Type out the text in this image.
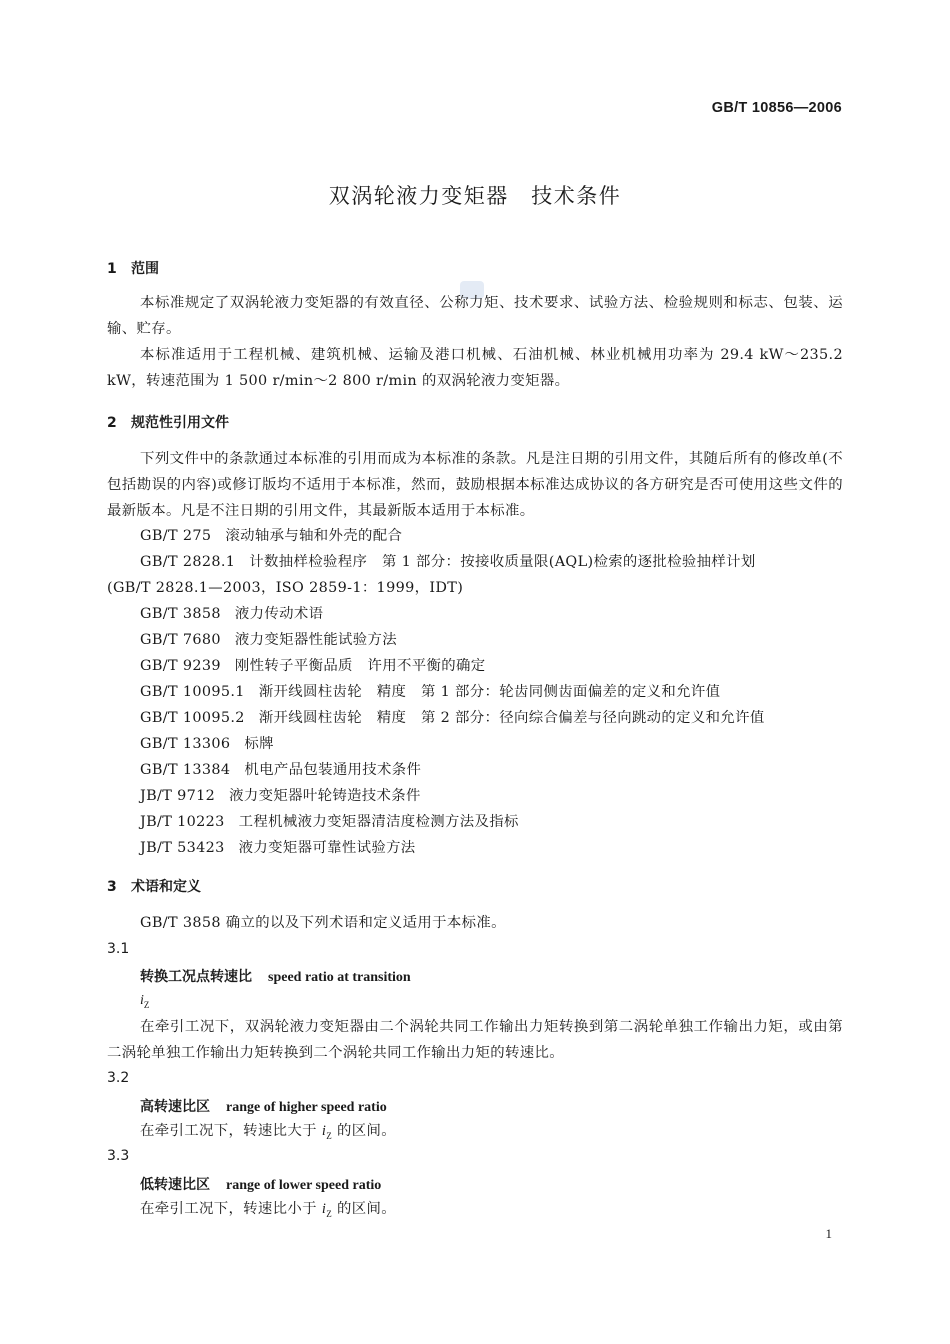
GB/T 10856—2006
双涡轮液力变矩器　技术条件
1 范围
本标准规定了双涡轮液力变矩器的有效直径、公称力矩、技术要求、试验方法、检验规则和标志、包装、运输、贮存。
本标准适用于工程机械、建筑机械、运输及港口机械、石油机械、林业机械用功率为 29.4 kW～235.2 kW，转速范围为 1 500 r/min～2 800 r/min 的双涡轮液力变矩器。
2 规范性引用文件
下列文件中的条款通过本标准的引用而成为本标准的条款。凡是注日期的引用文件，其随后所有的修改单(不包括勘误的内容)或修订版均不适用于本标准，然而，鼓励根据本标准达成协议的各方研究是否可使用这些文件的最新版本。凡是不注日期的引用文件，其最新版本适用于本标准。
GB/T 275 滚动轴承与轴和外壳的配合
GB/T 2828.1 计数抽样检验程序　第 1 部分：按接收质量限(AQL)检索的逐批检验抽样计划
(GB/T 2828.1—2003，ISO 2859-1：1999，IDT)
GB/T 3858 液力传动术语
GB/T 7680 液力变矩器性能试验方法
GB/T 9239 刚性转子平衡品质　许用不平衡的确定
GB/T 10095.1 渐开线圆柱齿轮　精度　第 1 部分：轮齿同侧齿面偏差的定义和允许值
GB/T 10095.2 渐开线圆柱齿轮　精度　第 2 部分：径向综合偏差与径向跳动的定义和允许值
GB/T 13306 标牌
GB/T 13384 机电产品包装通用技术条件
JB/T 9712 液力变矩器叶轮铸造技术条件
JB/T 10223 工程机械液力变矩器清洁度检测方法及指标
JB/T 53423 液力变矩器可靠性试验方法
3 术语和定义
GB/T 3858 确立的以及下列术语和定义适用于本标准。
3.1
转换工况点转速比 speed ratio at transition
$i_Z$
在牵引工况下，双涡轮液力变矩器由二个涡轮共同工作输出力矩转换到第二涡轮单独工作输出力矩，或由第二涡轮单独工作输出力矩转换到二个涡轮共同工作输出力矩的转速比。
3.2
高转速比区 range of higher speed ratio
在牵引工况下，转速比大于 $i_Z$ 的区间。
3.3
低转速比区 range of lower speed ratio
在牵引工况下，转速比小于 $i_Z$ 的区间。
1
